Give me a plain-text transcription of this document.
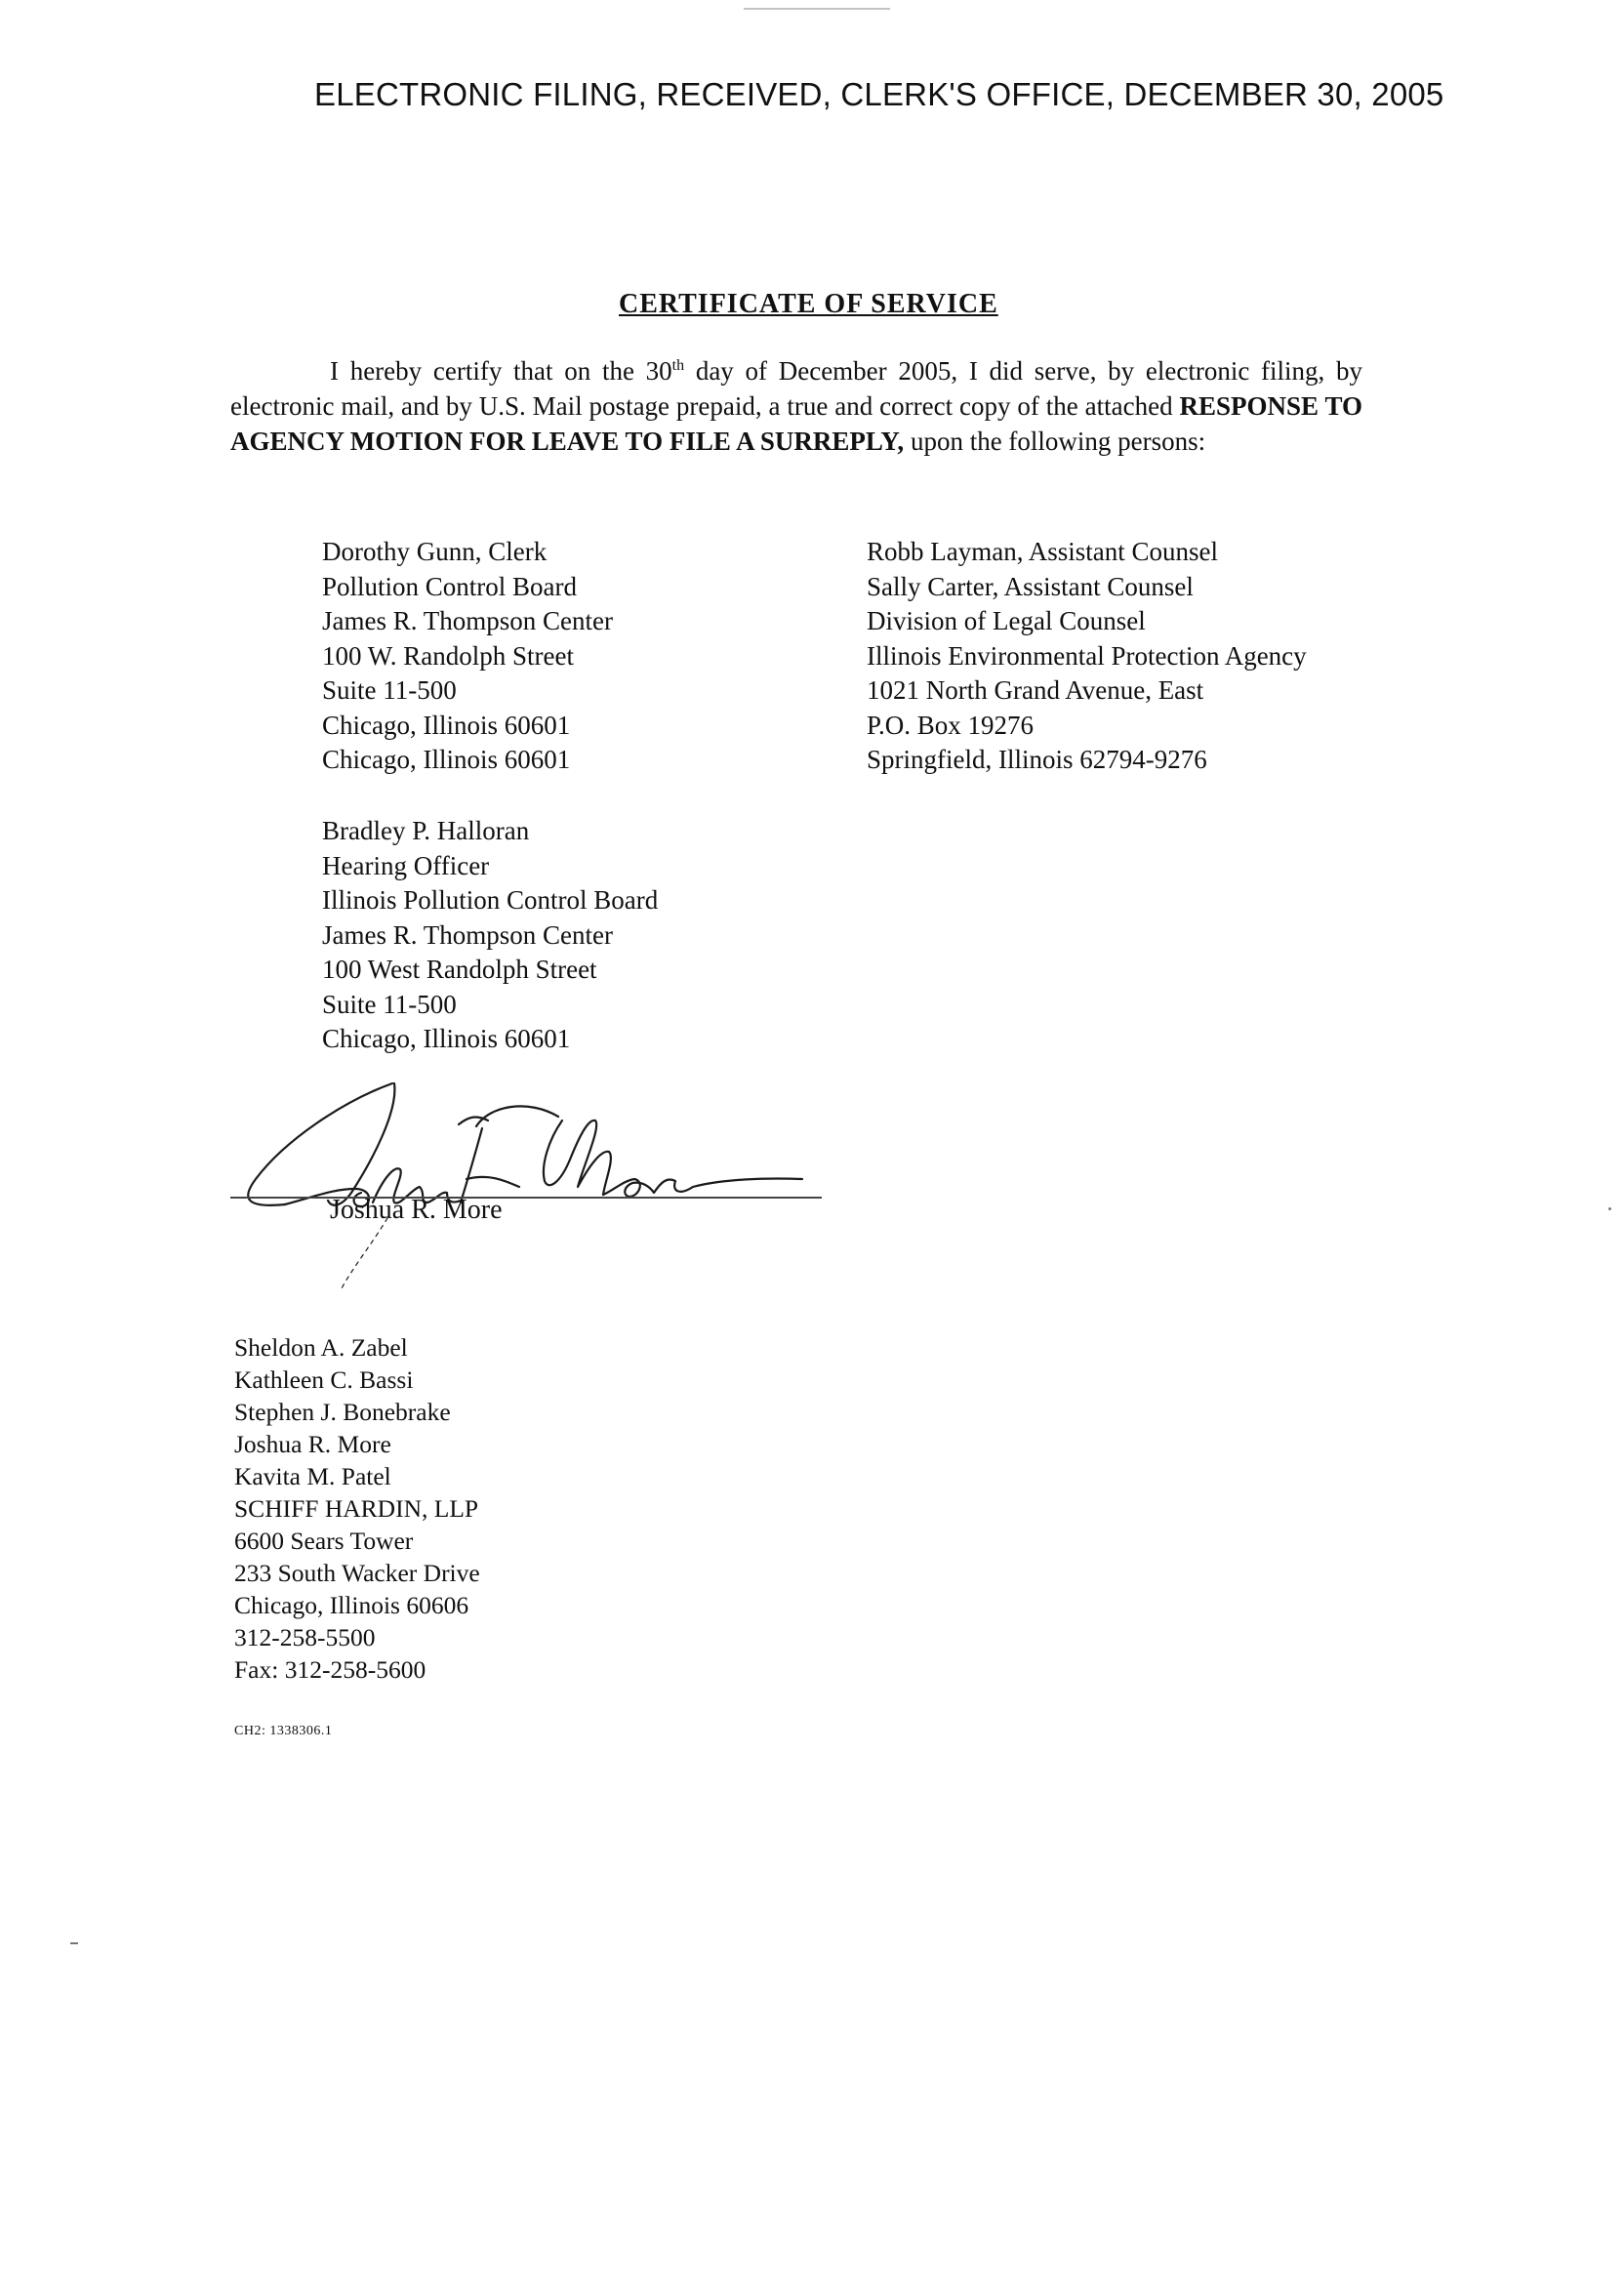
ELECTRONIC FILING, RECEIVED, CLERK'S OFFICE, DECEMBER 30, 2005
CERTIFICATE OF SERVICE
I hereby certify that on the 30th day of December 2005, I did serve, by electronic filing, by electronic mail, and by U.S. Mail postage prepaid, a true and correct copy of the attached RESPONSE TO AGENCY MOTION FOR LEAVE TO FILE A SURREPLY, upon the following persons:
Dorothy Gunn, Clerk
Pollution Control Board
James R. Thompson Center
100 W. Randolph Street
Suite 11-500
Chicago, Illinois 60601
Chicago, Illinois 60601
Robb Layman, Assistant Counsel
Sally Carter, Assistant Counsel
Division of Legal Counsel
Illinois Environmental Protection Agency
1021 North Grand Avenue, East
P.O. Box 19276
Springfield, Illinois 62794-9276
Bradley P. Halloran
Hearing Officer
Illinois Pollution Control Board
James R. Thompson Center
100 West Randolph Street
Suite 11-500
Chicago, Illinois 60601
Joshua R. More
Sheldon A. Zabel
Kathleen C. Bassi
Stephen J. Bonebrake
Joshua R. More
Kavita M. Patel
SCHIFF HARDIN, LLP
6600 Sears Tower
233 South Wacker Drive
Chicago, Illinois 60606
312-258-5500
Fax: 312-258-5600
CH2: 1338306.1
